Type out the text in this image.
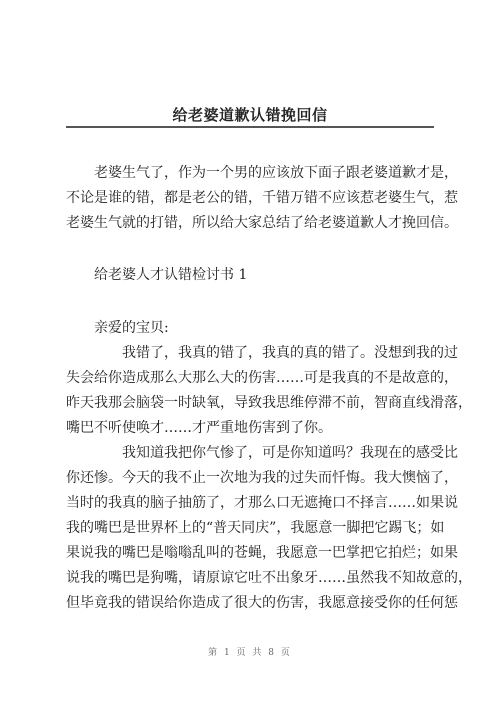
给老婆道歉认错挽回信
老婆生气了，作为一个男的应该放下面子跟老婆道歉才是，
不论是谁的错，都是老公的错，千错万错不应该惹老婆生气，惹
老婆生气就的打错，所以给大家总结了给老婆道歉人才挽回信。
给老婆人才认错检讨书 1
亲爱的宝贝:
我错了，我真的错了，我真的真的错了。没想到我的过
失会给你造成那么大那么大的伤害……可是我真的不是故意的，
昨天我那会脑袋一时缺氧，导致我思维停滞不前，智商直线滑落，
嘴巴不听使唤才……才严重地伤害到了你。
我知道我把你气惨了，可是你知道吗？我现在的感受比
你还惨。今天的我不止一次地为我的过失而忏悔。我大懊恼了，
当时的我真的脑子抽筋了，才那么口无遮掩口不择言……如果说
我的嘴巴是世界杯上的“普天同庆”，我愿意一脚把它踢飞；如
果说我的嘴巴是嗡嗡乱叫的苍蝇，我愿意一巴掌把它拍烂；如果
说我的嘴巴是狗嘴，请原谅它吐不出象牙……虽然我不知故意的，
但毕竟我的错误给你造成了很大的伤害，我愿意接受你的任何惩
第 1 页 共 8 页
